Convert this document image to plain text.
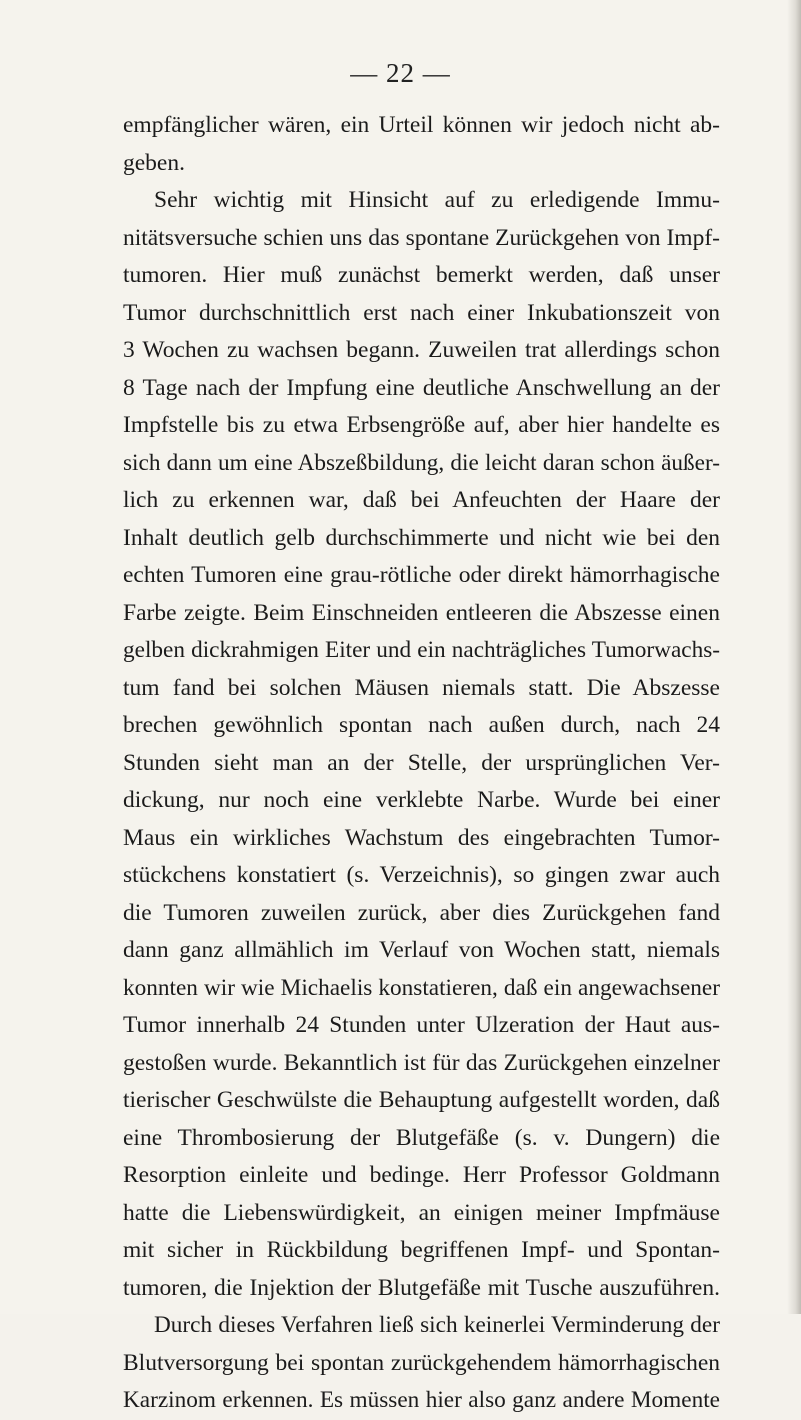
— 22 —
empfänglicher wären, ein Urteil können wir jedoch nicht ab-
geben.
Sehr wichtig mit Hinsicht auf zu erledigende Immu-
nitätsversuche schien uns das spontane Zurückgehen von Impf-
tumoren. Hier muß zunächst bemerkt werden, daß unser
Tumor durchschnittlich erst nach einer Inkubationszeit von
3 Wochen zu wachsen begann. Zuweilen trat allerdings schon
8 Tage nach der Impfung eine deutliche Anschwellung an der
Impfstelle bis zu etwa Erbsengröße auf, aber hier handelte es
sich dann um eine Abszeßbildung, die leicht daran schon äußer-
lich zu erkennen war, daß bei Anfeuchten der Haare der
Inhalt deutlich gelb durchschimmerte und nicht wie bei den
echten Tumoren eine grau-rötliche oder direkt hämorrhagische
Farbe zeigte. Beim Einschneiden entleeren die Abszesse einen
gelben dickrahmigen Eiter und ein nachträgliches Tumorwachs-
tum fand bei solchen Mäusen niemals statt. Die Abszesse
brechen gewöhnlich spontan nach außen durch, nach 24
Stunden sieht man an der Stelle, der ursprünglichen Ver-
dickung, nur noch eine verklebte Narbe. Wurde bei einer
Maus ein wirkliches Wachstum des eingebrachten Tumor-
stückchens konstatiert (s. Verzeichnis), so gingen zwar auch
die Tumoren zuweilen zurück, aber dies Zurückgehen fand
dann ganz allmählich im Verlauf von Wochen statt, niemals
konnten wir wie Michaelis konstatieren, daß ein angewachsener
Tumor innerhalb 24 Stunden unter Ulzeration der Haut aus-
gestoßen wurde. Bekanntlich ist für das Zurückgehen einzelner
tierischer Geschwülste die Behauptung aufgestellt worden, daß
eine Thrombosierung der Blutgefäße (s. v. Dungern) die
Resorption einleite und bedinge. Herr Professor Goldmann
hatte die Liebenswürdigkeit, an einigen meiner Impfmäuse
mit sicher in Rückbildung begriffenen Impf- und Spontan-
tumoren, die Injektion der Blutgefäße mit Tusche auszuführen.
Durch dieses Verfahren ließ sich keinerlei Verminderung der
Blutversorgung bei spontan zurückgehendem hämorrhagischen
Karzinom erkennen. Es müssen hier also ganz andere Momente
